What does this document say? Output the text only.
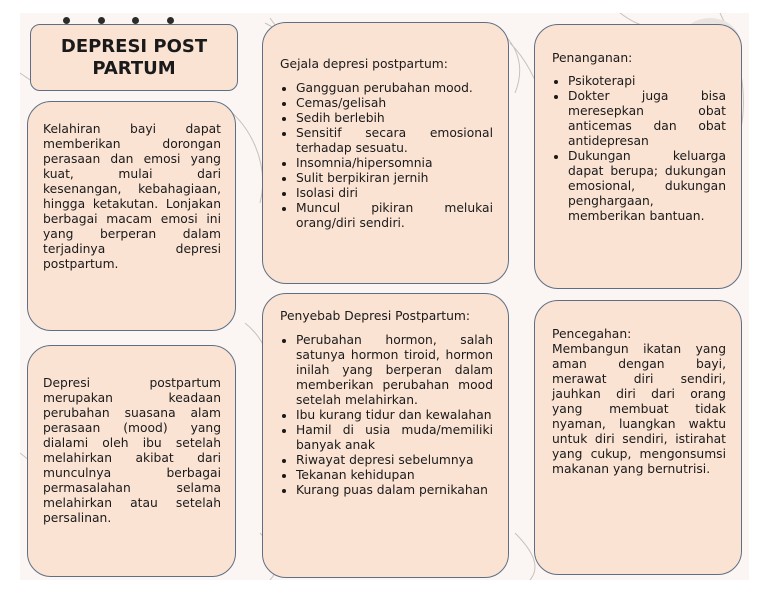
DEPRESI POST PARTUM
Kelahiran bayi dapat memberikan dorongan perasaan dan emosi yang kuat, mulai dari kesenangan, kebahagiaan, hingga ketakutan. Lonjakan berbagai macam emosi ini yang berperan dalam terjadinya depresi postpartum.
Depresi postpartum merupakan keadaan perubahan suasana alam perasaan (mood) yang dialami oleh ibu setelah melahirkan akibat dari munculnya berbagai permasalahan selama melahirkan atau setelah persalinan.
Gejala depresi postpartum:
• Gangguan perubahan mood.
• Cemas/gelisah
• Sedih berlebih
• Sensitif secara emosional terhadap sesuatu.
• Insomnia/hipersomnia
• Sulit berpikiran jernih
• Isolasi diri
• Muncul pikiran melukai orang/diri sendiri.
Penyebab Depresi Postpartum:
• Perubahan hormon, salah satunya hormon tiroid, hormon inilah yang berperan dalam memberikan perubahan mood setelah melahirkan.
• Ibu kurang tidur dan kewalahan
• Hamil di usia muda/memiliki banyak anak
• Riwayat depresi sebelumnya
• Tekanan kehidupan
• Kurang puas dalam pernikahan
Penanganan:
• Psikoterapi
• Dokter juga bisa meresepkan obat anticemas dan obat antidepresan
• Dukungan keluarga dapat berupa; dukungan emosional, dukungan penghargaan, memberikan bantuan.
Pencegahan:
Membangun ikatan yang aman dengan bayi, merawat diri sendiri, jauhkan diri dari orang yang membuat tidak nyaman, luangkan waktu untuk diri sendiri, istirahat yang cukup, mengonsumsi makanan yang bernutrisi.
